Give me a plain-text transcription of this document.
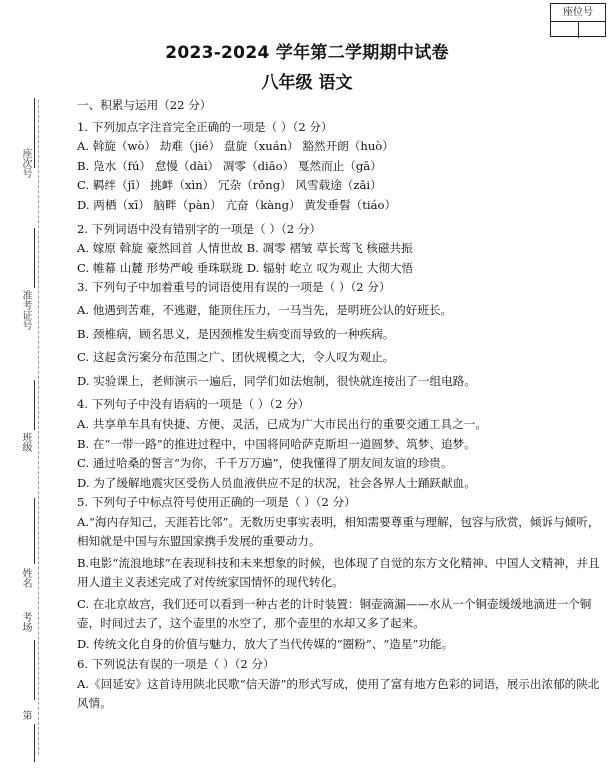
座位号
座次号
准考证号
班级
姓名
考场
第
2023-2024 学年第二学期期中试卷
八年级 语文
一、积累与运用（22 分）
1. 下列加点字注音完全正确的一项是（ ）（2 分）
A. 斡旋（wò） 劫难（jié） 盘旋（xuán） 豁然开朗（huò）
B. 凫水（fú） 怠慢（dài） 凋零（diāo） 戛然而止（gā）
C. 羁绊（jī） 挑衅（xìn） 冗杂（rǒng） 风雪载途（zǎi）
D. 两栖（xī） 脑畔（pàn） 亢奋（kàng） 黄发垂髫（tiáo）
2. 下列词语中没有错别字的一项是（ ）（2 分）
A. 嫁原 斡旋 豪然回首 人情世故 B. 凋零 褶皱 草长莺飞 核磁共振
C. 帷幕 山麓 形势严峻 垂珠联珑 D. 辐射 屹立 叹为观止 大彻大悟
3. 下列句子中加着重号的词语使用有误的一项是（ ）（2 分）
A. 他遇到苦难，不逃避，能顶住压力，一马当先，是明班公认的好班长。
B. 颈椎病，顾名思义，是因颈椎发生病变而导致的一种疾病。
C. 这起贪污案分布范围之广、团伙规模之大，令人叹为观止。
D. 实验课上，老师演示一遍后，同学们如法炮制，很快就连接出了一组电路。
4. 下列句子中没有语病的一项是（ ）（2 分）
A. 共享单车具有快捷、方便、灵活，已成为广大市民出行的重要交通工具之一。
B. 在“一带一路”的推进过程中，中国将同哈萨克斯坦一道圆梦、筑梦、追梦。
C. 通过哈桑的誓言“为你，千千万万遍”，使我懂得了朋友间友谊的珍贵。
D. 为了缓解地震灾区受伤人员血液供应不足的状况，社会各界人士踊跃献血。
5. 下列句子中标点符号使用正确的一项是（ ）（2 分）
A.“海内存知己，天涯若比邻”。无数历史事实表明，相知需要尊重与理解，包容与欣赏，倾诉与倾听，相知就是中国与东盟国家携手发展的重要动力。
B.电影“流浪地球”在表现科技和未来想象的时候，也体现了自觉的东方文化精神、中国人文精神，并且用人道主义表述完成了对传统家国情怀的现代转化。
C. 在北京故宫，我们还可以看到一种古老的计时装置：铜壶滴漏——水从一个铜壶缓缓地滴进一个铜壶，时间过去了，这个壶里的水空了，那个壶里的水却又多了起来。
D. 传统文化自身的价值与魅力，放大了当代传媒的“圈粉”、“造星”功能。
6. 下列说法有误的一项是（ ）（2 分）
A.《回延安》这首诗用陕北民歌“信天游”的形式写成，使用了富有地方色彩的词语，展示出浓郁的陕北风情。
